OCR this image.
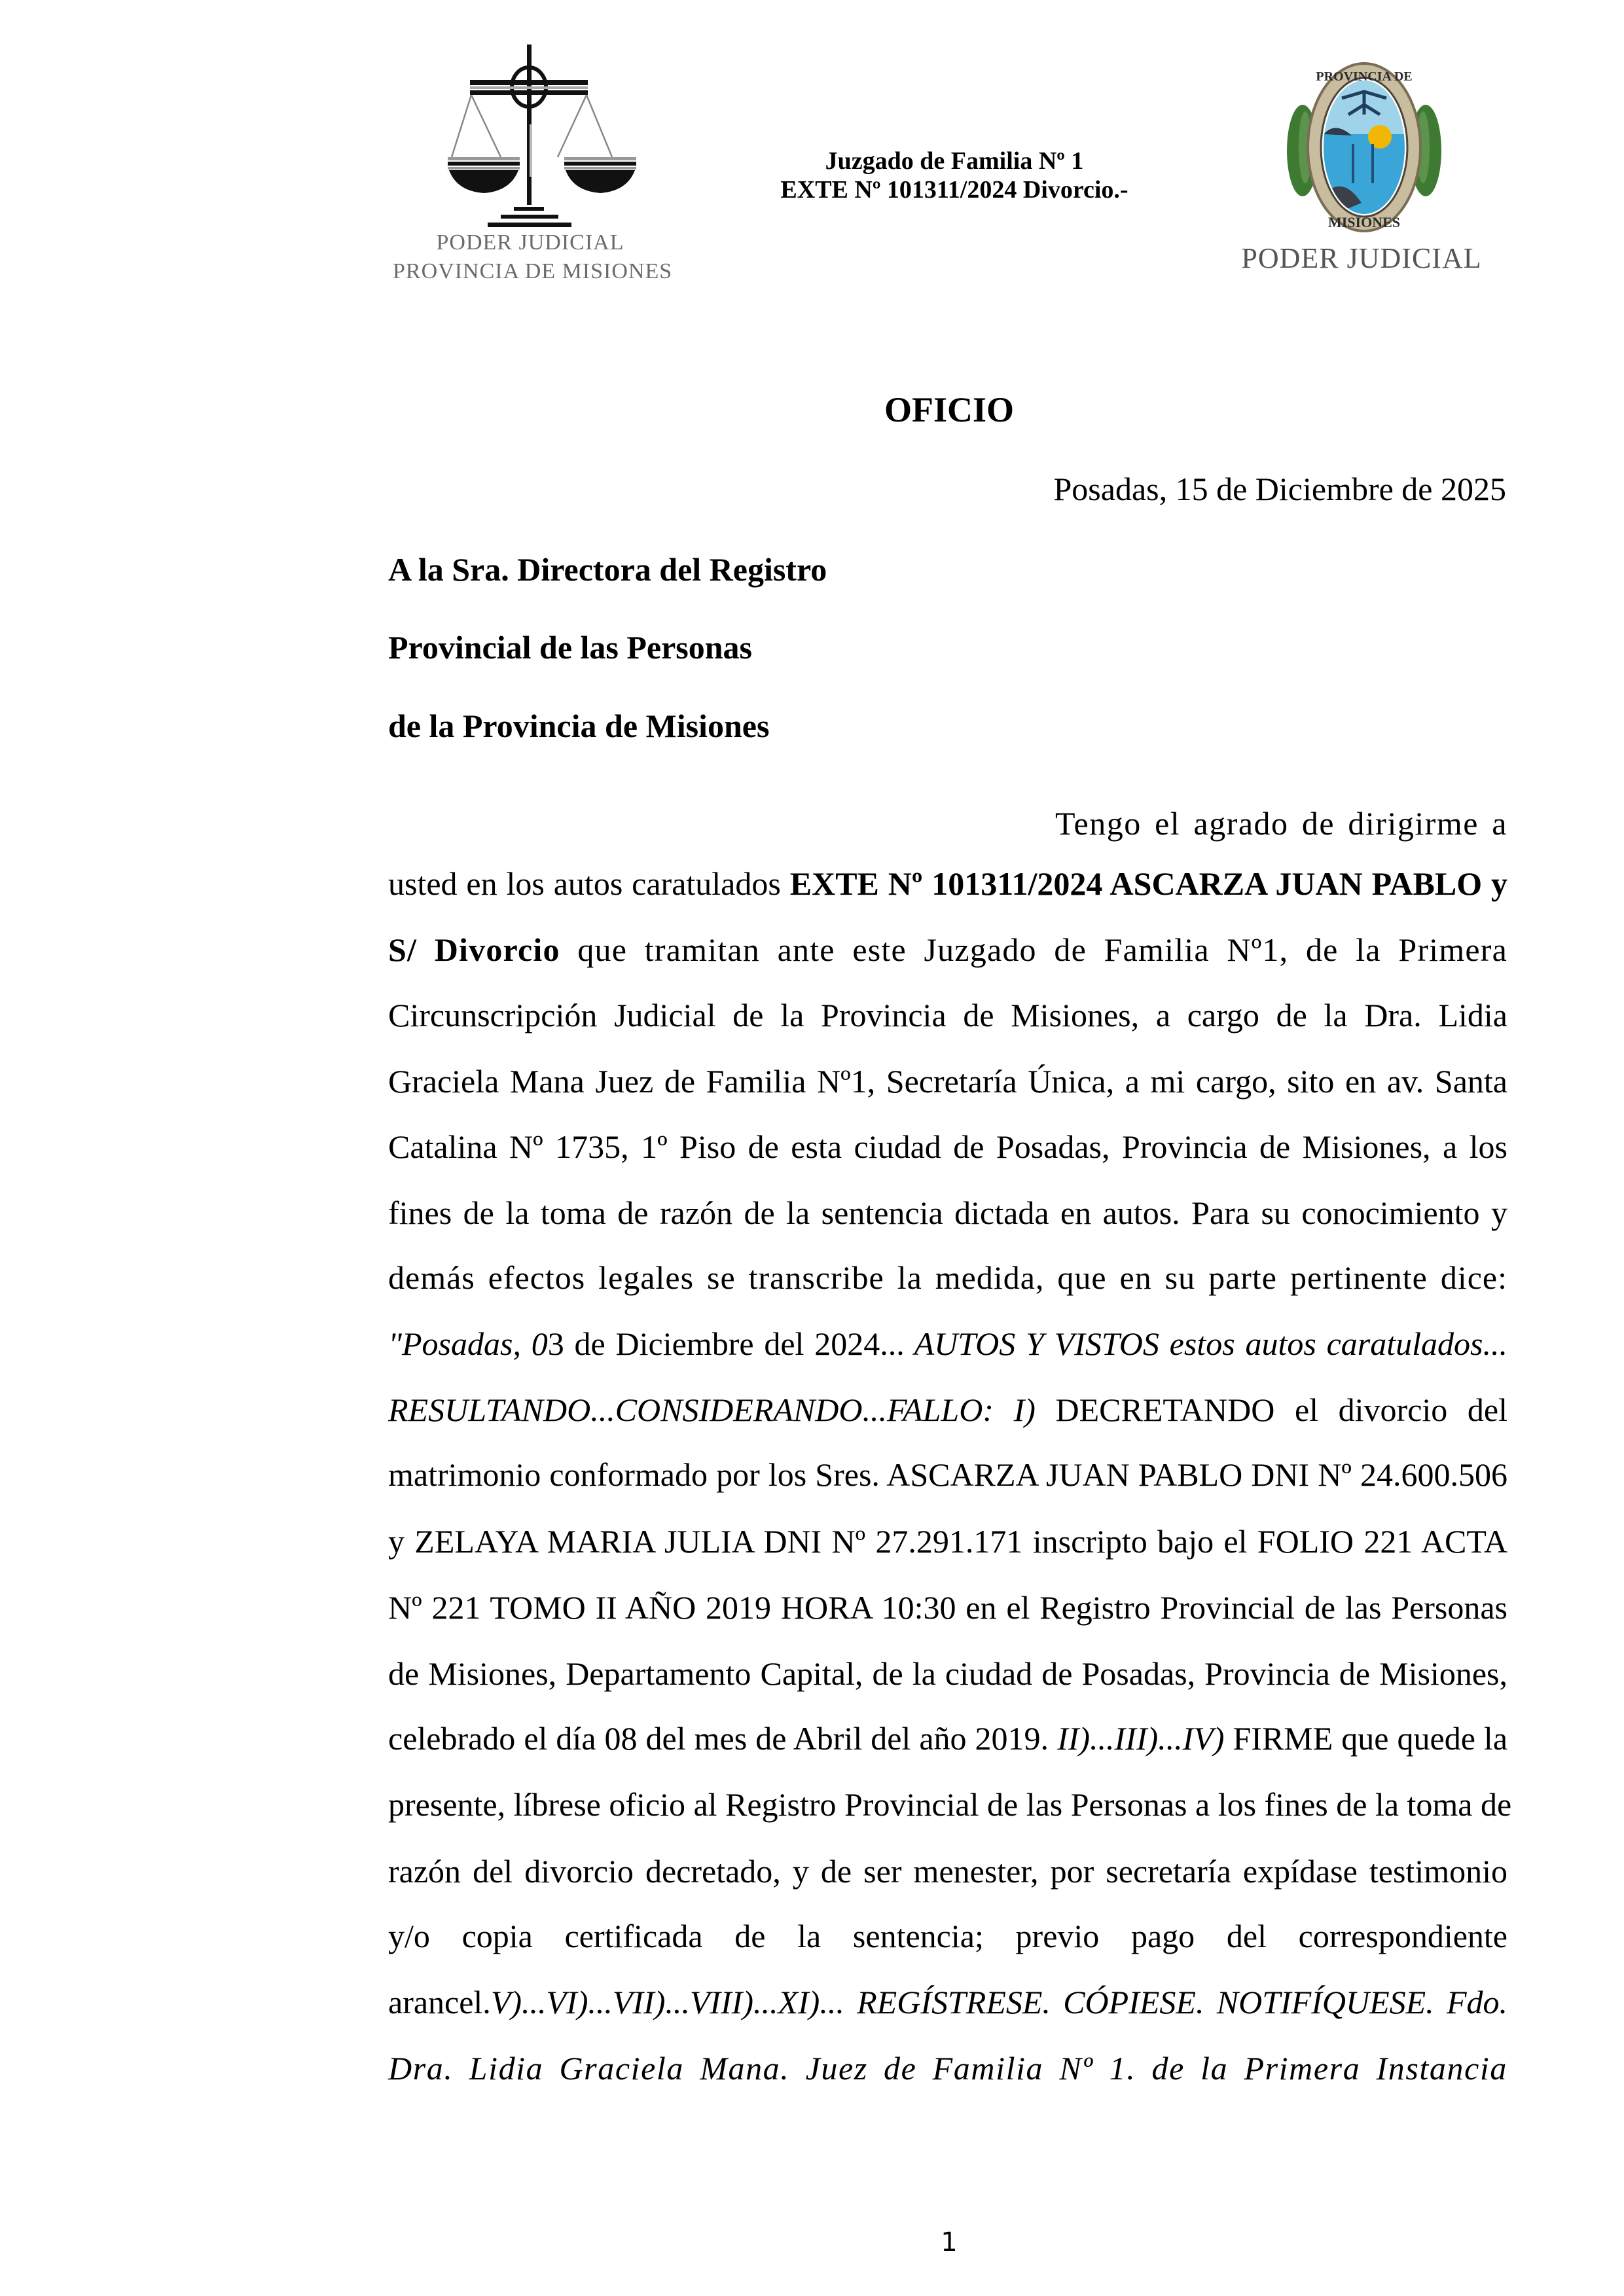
PODER JUDICIAL
PROVINCIA DE MISIONES
Juzgado de Familia Nº 1
EXTE Nº 101311/2024 Divorcio.-
PROVINCIA DE
MISIONES
PODER JUDICIAL
OFICIO
Posadas, 15 de Diciembre de 2025
A la Sra. Directora del Registro
Provincial de las Personas
de la Provincia de Misiones
Tengo el agrado de dirigirme a
usted en los autos caratulados EXTE Nº 101311/2024 ASCARZA JUAN PABLO y
S/ Divorcio que tramitan ante este Juzgado de Familia Nº1, de la Primera
Circunscripción Judicial de la Provincia de Misiones, a cargo de la Dra. Lidia
Graciela Mana Juez de Familia Nº1, Secretaría Única, a mi cargo, sito en av. Santa
Catalina Nº 1735, 1º Piso de esta ciudad de Posadas, Provincia de Misiones, a los
fines de la toma de razón de la sentencia dictada en autos. Para su conocimiento y
demás efectos legales se transcribe la medida, que en su parte pertinente dice:
"Posadas, 03 de Diciembre del 2024... AUTOS Y VISTOS estos autos caratulados...
RESULTANDO...CONSIDERANDO...FALLO: I) DECRETANDO el divorcio del
matrimonio conformado por los Sres. ASCARZA JUAN PABLO DNI Nº 24.600.506
y ZELAYA MARIA JULIA DNI Nº 27.291.171 inscripto bajo el FOLIO 221 ACTA
Nº 221 TOMO II AÑO 2019 HORA 10:30 en el Registro Provincial de las Personas
de Misiones, Departamento Capital, de la ciudad de Posadas, Provincia de Misiones,
celebrado el día 08 del mes de Abril del año 2019. II)...III)...IV) FIRME que quede la
presente, líbrese oficio al Registro Provincial de las Personas a los fines de la toma de
razón del divorcio decretado, y de ser menester, por secretaría expídase testimonio
y/o copia certificada de la sentencia; previo pago del correspondiente
arancel.V)...VI)...VII)...VIII)...XI)... REGÍSTRESE. CÓPIESE. NOTIFÍQUESE. Fdo.
Dra. Lidia Graciela Mana. Juez de Familia Nº 1. de la Primera Instancia
1
